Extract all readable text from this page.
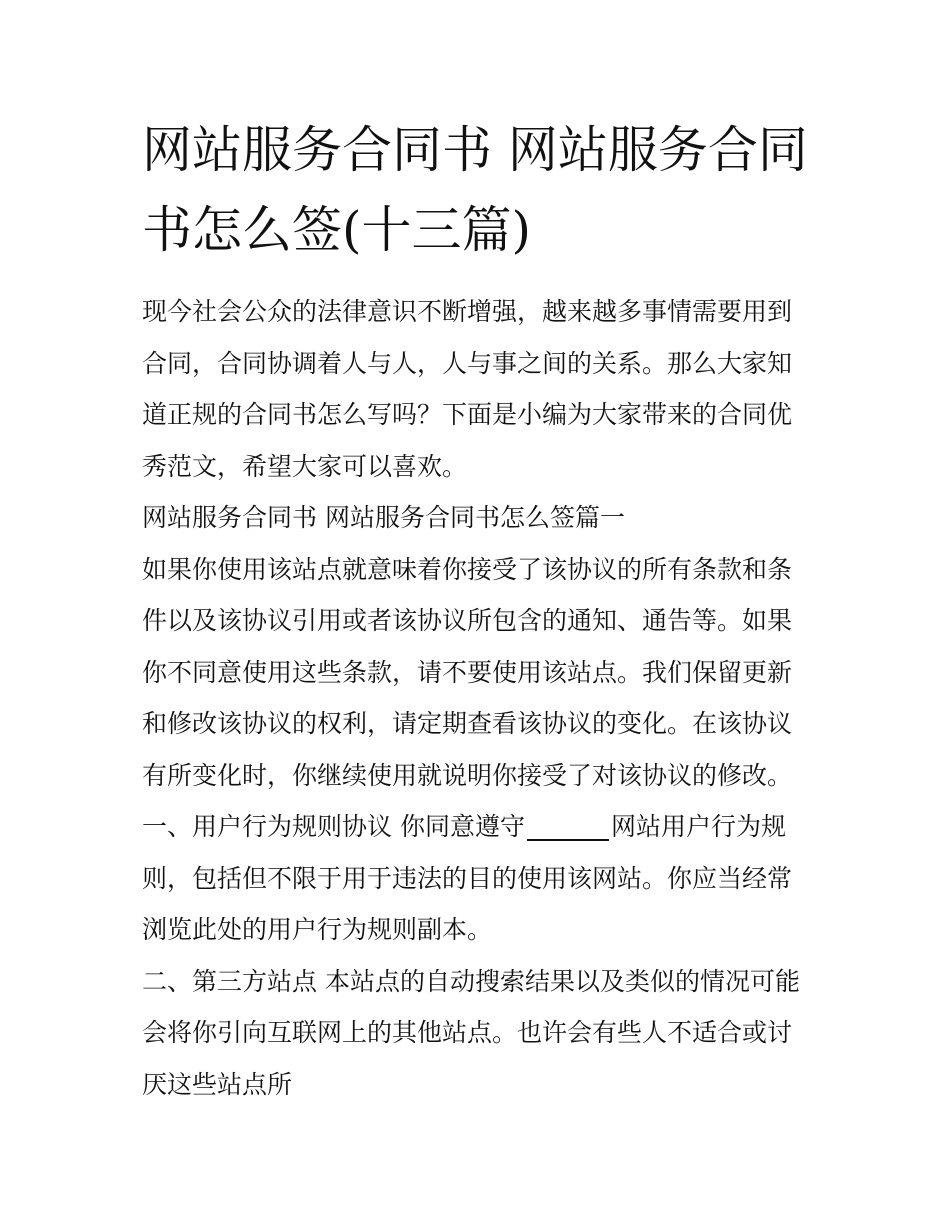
网站服务合同书 网站服务合同书怎么签(十三篇)

现今社会公众的法律意识不断增强，越来越多事情需要用到合同，合同协调着人与人，人与事之间的关系。那么大家知道正规的合同书怎么写吗？下面是小编为大家带来的合同优秀范文，希望大家可以喜欢。

网站服务合同书 网站服务合同书怎么签篇一

如果你使用该站点就意味着你接受了该协议的所有条款和条件以及该协议引用或者该协议所包含的通知、通告等。如果你不同意使用这些条款，请不要使用该站点。我们保留更新和修改该协议的权利，请定期查看该协议的变化。在该协议有所变化时，你继续使用就说明你接受了对该协议的修改。

一、用户行为规则协议 你同意遵守	网站用户行为规则，包括但不限于用于违法的目的使用该网站。你应当经常浏览此处的用户行为规则副本。

二、第三方站点 本站点的自动搜索结果以及类似的情况可能会将你引向互联网上的其他站点。也许会有些人不适合或讨厌这些站点所
